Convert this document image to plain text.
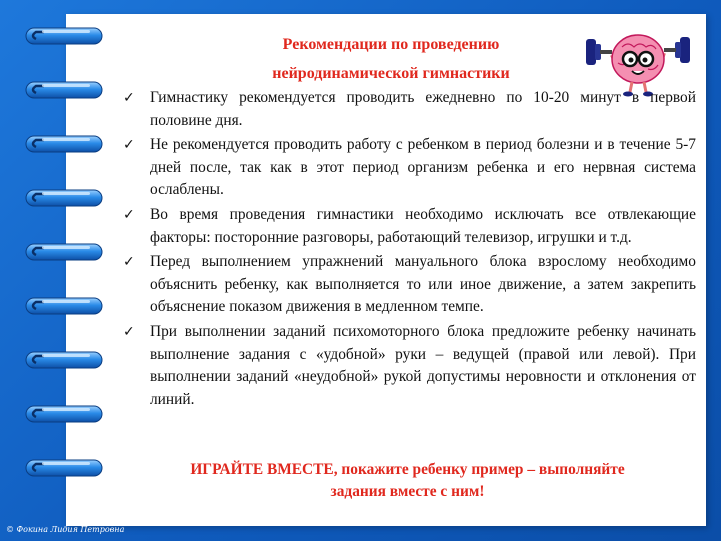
Рекомендации по проведению
нейродинамической гимнастики
✓ Гимнастику рекомендуется проводить ежедневно по 10-20 минут в первой половине дня.
✓ Не рекомендуется проводить работу с ребенком в период болезни и в течение 5-7 дней после, так как в этот период организм ребенка и его нервная система ослаблены.
✓ Во время проведения гимнастики необходимо исключать все отвлекающие факторы: посторонние разговоры, работающий телевизор, игрушки и т.д.
✓ Перед выполнением упражнений мануального блока взрослому необходимо объяснить ребенку, как выполняется то или иное движение, а затем закрепить объяснение показом движения в медленном темпе.
✓ При выполнении заданий психомоторного блока предложите ребенку начинать выполнение задания с «удобной» руки – ведущей (правой или левой). При выполнении заданий «неудобной» рукой допустимы неровности и отклонения от линий.
ИГРАЙТЕ ВМЕСТЕ, покажите ребенку пример – выполняйте
задания вместе с ним!
© Фокина Лидия Петровна
